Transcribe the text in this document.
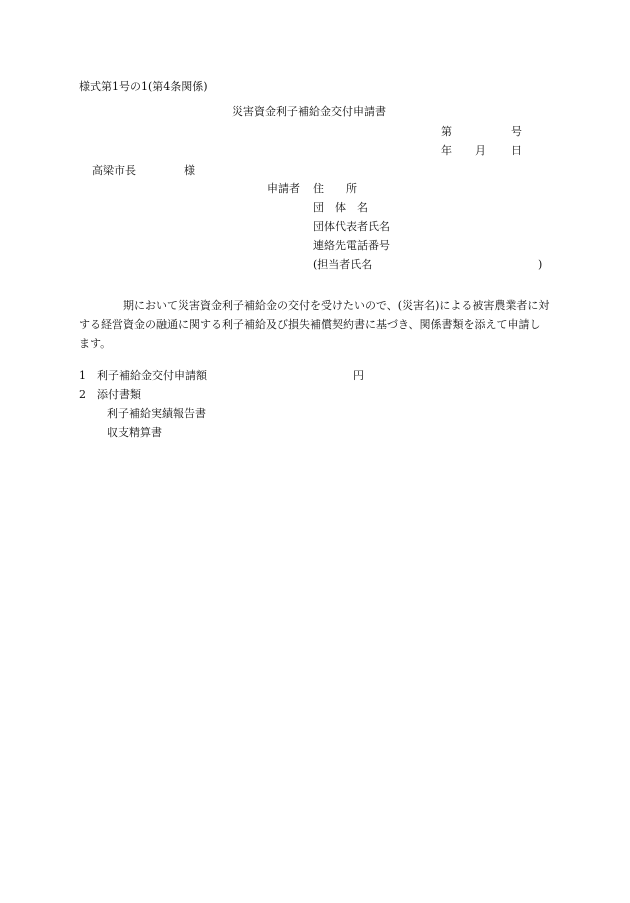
様式第1号の1(第4条関係)
災害資金利子補給金交付申請書
第	号
年 月 日
高梁市長	様
申請者 住　　所
団　体　名
団体代表者氏名
連絡先電話番号
(担当者氏名	)
期において災害資金利子補給金の交付を受けたいので、(災害名)による被害農業者に対する経営資金の融通に関する利子補給及び損失補償契約書に基づき、関係書類を添えて申請します。
1 利子補給金交付申請額	円
2 添付書類
利子補給実績報告書
収支精算書
